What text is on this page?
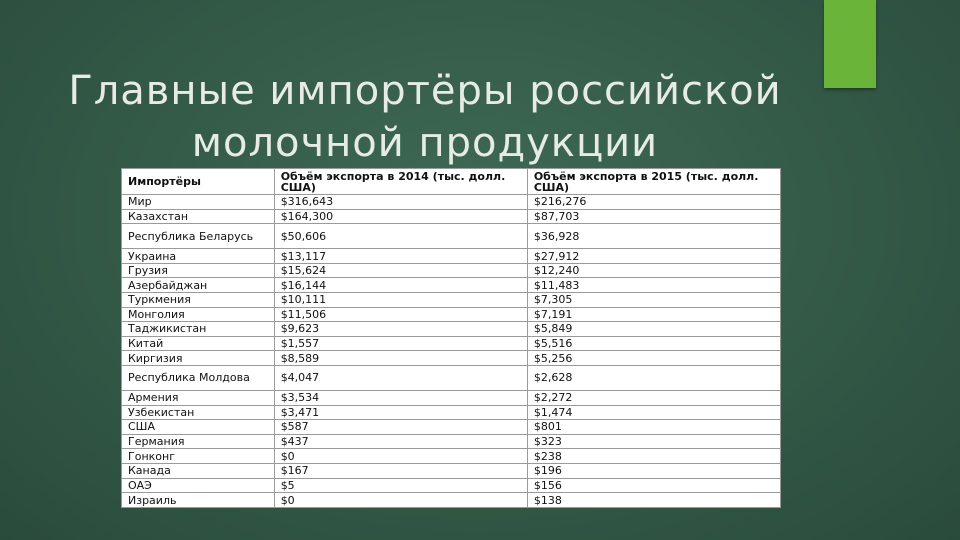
Главные импортёры российской
молочной продукции
Импортёры	Объём экспорта в 2014 (тыс. долл. США)	Объём экспорта в 2015 (тыс. долл. США)
Мир	$316,643	$216,276
Казахстан	$164,300	$87,703
Республика Беларусь	$50,606	$36,928
Украина	$13,117	$27,912
Грузия	$15,624	$12,240
Азербайджан	$16,144	$11,483
Туркмения	$10,111	$7,305
Монголия	$11,506	$7,191
Таджикистан	$9,623	$5,849
Китай	$1,557	$5,516
Киргизия	$8,589	$5,256
Республика Молдова	$4,047	$2,628
Армения	$3,534	$2,272
Узбекистан	$3,471	$1,474
США	$587	$801
Германия	$437	$323
Гонконг	$0	$238
Канада	$167	$196
ОАЭ	$5	$156
Израиль	$0	$138
